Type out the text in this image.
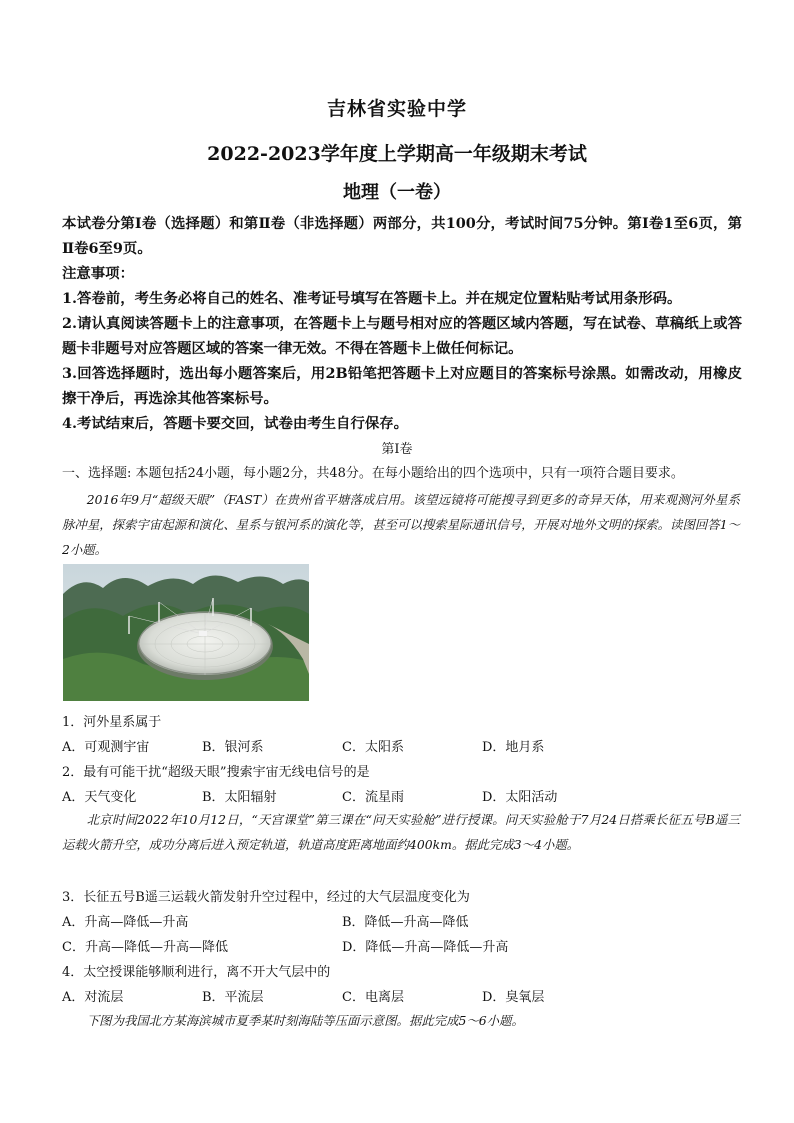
吉林省实验中学
2022-2023学年度上学期高一年级期末考试
地理（一卷）

本试卷分第Ⅰ卷（选择题）和第Ⅱ卷（非选择题）两部分，共100分，考试时间75分钟。第Ⅰ卷1至6页，第Ⅱ卷6至9页。

注意事项：

1.答卷前，考生务必将自己的姓名、准考证号填写在答题卡上。并在规定位置粘贴考试用条形码。

2.请认真阅读答题卡上的注意事项，在答题卡上与题号相对应的答题区域内答题，写在试卷、草稿纸上或答题卡非题号对应答题区域的答案一律无效。不得在答题卡上做任何标记。

3.回答选择题时，选出每小题答案后，用2B铅笔把答题卡上对应题目的答案标号涂黑。如需改动，用橡皮擦干净后，再选涂其他答案标号。

4.考试结束后，答题卡要交回，试卷由考生自行保存。

第Ⅰ卷
一、选择题: 本题包括24小题，每小题2分，共48分。在每小题给出的四个选项中，只有一项符合题目要求。

2016年9月“超级天眼”（FAST）在贵州省平塘落成启用。该望远镜将可能搜寻到更多的奇异天体，用来观测河外星系脉冲星，探索宇宙起源和演化、星系与银河系的演化等，甚至可以搜索星际通讯信号，开展对地外文明的探索。读图回答1～2小题。

1．河外星系属于

A．可观测宇宙	B．银河系	C．太阳系	D．地月系

2．最有可能干扰“超级天眼”搜索宇宙无线电信号的是

A．天气变化	B．太阳辐射	C．流星雨	D．太阳活动

北京时间2022年10月12日，“天宫课堂”第三课在“问天实验舱”进行授课。问天实验舱于7月24日搭乘长征五号B遥三运载火箭升空，成功分离后进入预定轨道，轨道高度距离地面约400km。据此完成3～4小题。

3．长征五号B遥三运载火箭发射升空过程中，经过的大气层温度变化为

A．升高—降低—升高	B．降低—升高—降低
C．升高—降低—升高—降低	D．降低—升高—降低—升高

4．太空授课能够顺利进行，离不开大气层中的

A．对流层	B．平流层	C．电离层	D．臭氧层

下图为我国北方某海滨城市夏季某时刻海陆等压面示意图。据此完成5～6小题。
